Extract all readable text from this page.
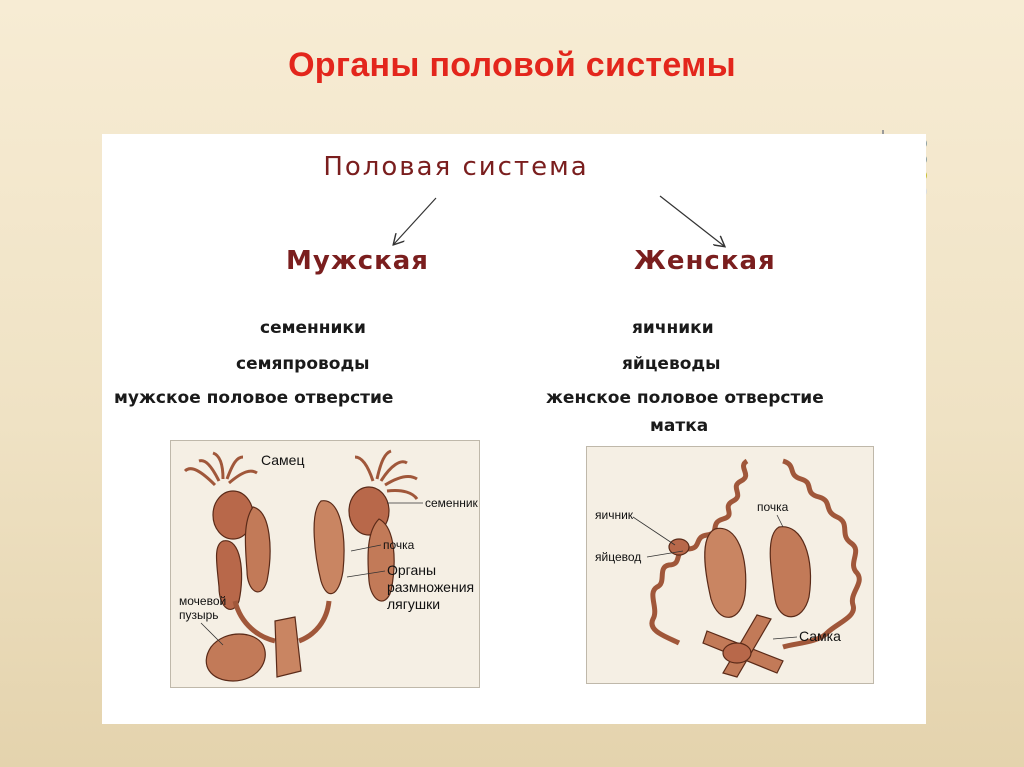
Органы половой системы
Половая система
Мужская	Женская
семенники
семяпроводы
мужское половое отверстие
яичники
яйцеводы
женское половое отверстие
матка
Самец
семенник
почка
Органы
размножения
лягушки
мочевой
пузырь
яичник
яйцевод
почка
Самка
